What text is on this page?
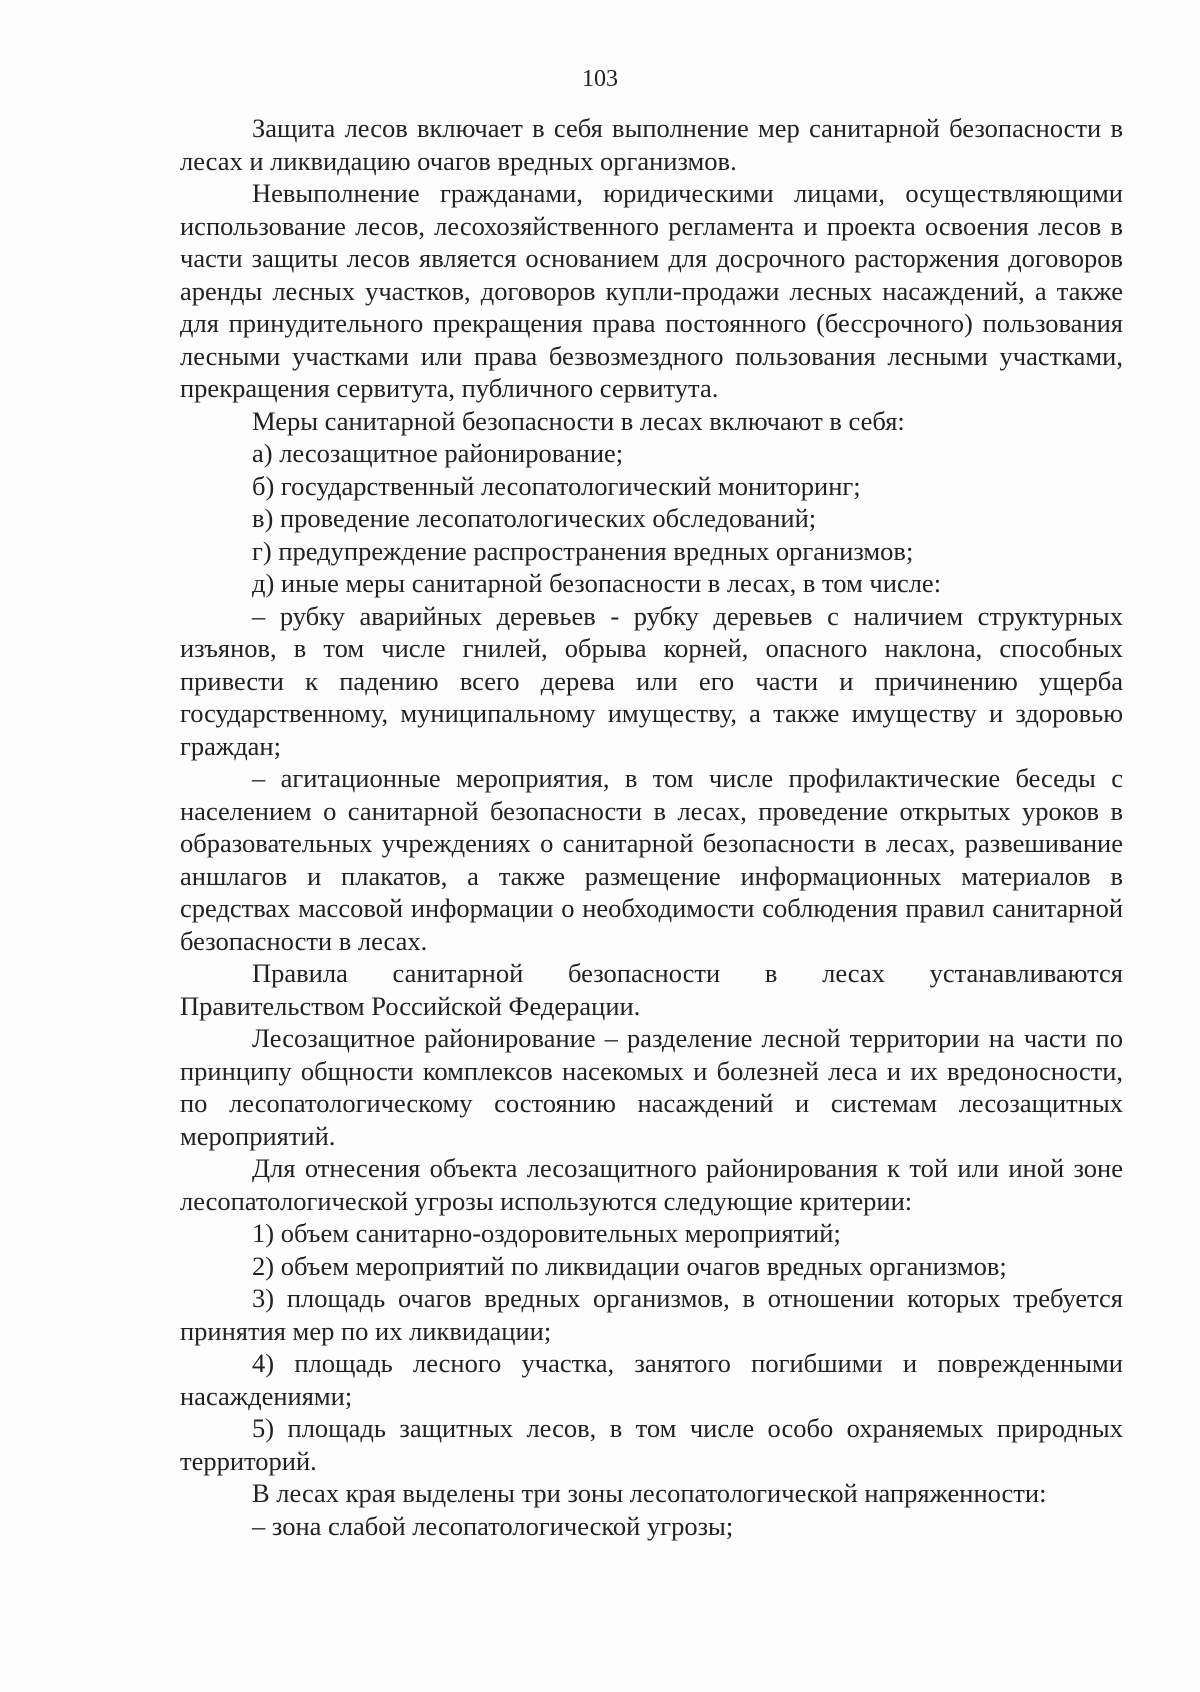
103

Защита лесов включает в себя выполнение мер санитарной безопасности в лесах и ликвидацию очагов вредных организмов.

Невыполнение гражданами, юридическими лицами, осуществляющими использование лесов, лесохозяйственного регламента и проекта освоения лесов в части защиты лесов является основанием для досрочного расторжения договоров аренды лесных участков, договоров купли-продажи лесных насаждений, а также для принудительного прекращения права постоянного (бессрочного) пользования лесными участками или права безвозмездного пользования лесными участками, прекращения сервитута, публичного сервитута.

Меры санитарной безопасности в лесах включают в себя:

а) лесозащитное районирование;

б) государственный лесопатологический мониторинг;

в) проведение лесопатологических обследований;

г) предупреждение распространения вредных организмов;

д) иные меры санитарной безопасности в лесах, в том числе:

– рубку аварийных деревьев - рубку деревьев с наличием структурных изъянов, в том числе гнилей, обрыва корней, опасного наклона, способных привести к падению всего дерева или его части и причинению ущерба государственному, муниципальному имуществу, а также имуществу и здоровью граждан;

– агитационные мероприятия, в том числе профилактические беседы с населением о санитарной безопасности в лесах, проведение открытых уроков в образовательных учреждениях о санитарной безопасности в лесах, развешивание аншлагов и плакатов, а также размещение информационных материалов в средствах массовой информации о необходимости соблюдения правил санитарной безопасности в лесах.

Правила санитарной безопасности в лесах устанавливаются Правительством Российской Федерации.

Лесозащитное районирование – разделение лесной территории на части по принципу общности комплексов насекомых и болезней леса и их вредоносности, по лесопатологическому состоянию насаждений и системам лесозащитных мероприятий.

Для отнесения объекта лесозащитного районирования к той или иной зоне лесопатологической угрозы используются следующие критерии:

1) объем санитарно-оздоровительных мероприятий;

2) объем мероприятий по ликвидации очагов вредных организмов;

3) площадь очагов вредных организмов, в отношении которых требуется принятия мер по их ликвидации;

4) площадь лесного участка, занятого погибшими и поврежденными насаждениями;

5) площадь защитных лесов, в том числе особо охраняемых природных территорий.

В лесах края выделены три зоны лесопатологической напряженности:

– зона слабой лесопатологической угрозы;
